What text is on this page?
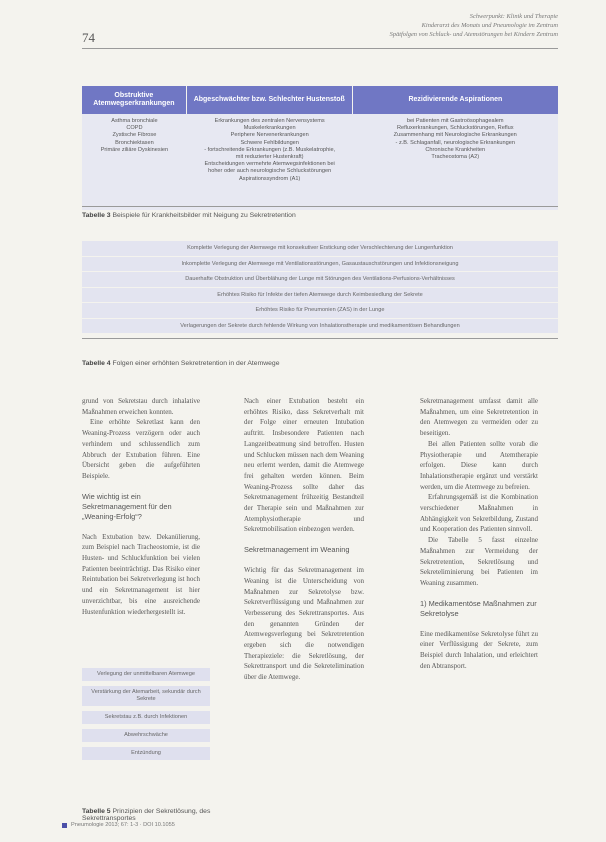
74
Schwerpunkt: Klinik und Therapie
Kinderarzt des Monats und Pneumologie im Zentrum
Spätfolgen von Schluck- und Atemstörungen bei Kindern Zentrum
Obstruktive Atemwegserkrankungen
Abgeschwächter bzw. Schlechter Hustenstoß	Rezidivierende Aspirationen
Asthma bronchiale
COPD
Zystische Fibrose
Bronchiektasen
Primäre ziliäre Dyskinesien
Erkrankungen des zentralen Nervensystems
Muskelerkrankungen
Periphere Nervenerkrankungen
Schwere Fehlbildungen
- fortschreitende Erkrankungen (z.B. Muskelatrophie,
mit reduzierter Hustenkraft)
Entscheidungen vermehrte Atemwegsinfektionen bei
hoher oder auch neurologische Schluckstörungen
Aspirationssyndrom (A1)
bei Patienten mit Gastroösophagealem
Refluxerkrankungen, Schluckstörungen, Reflux
Zusammenhang mit Neurologische Erkrankungen
- z.B. Schlaganfall, neurologische Erkrankungen
Chronische Krankheiten
Tracheostoma (A2)
Tabelle 3 Beispiele für Krankheitsbilder mit Neigung zu Sekretretention
Komplette Verlegung der Atemwege mit konsekutiver Erstickung oder Verschlechterung der Lungenfunktion
Inkomplette Verlegung der Atemwege mit Ventilationsstörungen, Gasaustauschstörungen und Infektionsneigung
Dauerhafte Obstruktion und Überblähung der Lunge mit Störungen des Ventilations-Perfusions-Verhältnisses
Erhöhtes Risiko für Infekte der tiefen Atemwege durch Keimbesiedlung der Sekrete
Erhöhtes Risiko für Pneumonien (ZAS) in der Lunge
Verlagerungen der Sekrete durch fehlende Wirkung von Inhalationstherapie und medikamentösen Behandlungen
Tabelle 4 Folgen einer erhöhten Sekretretention in der Atemwege

grund von Sekretstau durch inhalative Maßnahmen erweichen konnten.

Eine erhöhte Sekretlast kann den Weaning-Prozess verzögern oder auch verhindern und schlussendlich zum Abbruch der Extubation führen. Eine Übersicht geben die aufgeführten Beispiele.

Wie wichtig ist ein Sekretmanagement für den „Weaning-Erfolg“?

Nach Extubation bzw. Dekanülierung, zum Beispiel nach Tracheostomie, ist die Husten- und Schluckfunktion bei vielen Patienten beeinträchtigt. Das Risiko einer Reintubation bei Sekretverlegung ist hoch und ein Sekretmanagement ist hier unverzichtbar, bis eine ausreichende Hustenfunktion wiederhergestellt ist.

Verlegung der unmittelbaren Atemwege
Verstärkung der Atemarbeit, sekundär durch Sekrete
Sekretstau z.B. durch Infektionen
Abwehrschwäche
Entzündung
Tabelle 5 Prinzipien der Sekretlösung, des Sekrettransportes

Nach einer Extubation besteht ein erhöhtes Risiko, dass Sekretverhalt mit der Folge einer erneuten Intubation auftritt. Insbesondere Patienten nach Langzeitbeatmung sind betroffen. Husten und Schlucken müssen nach dem Weaning neu erlernt werden, damit die Atemwege frei gehalten werden können. Beim Weaning-Prozess sollte daher das Sekretmanagement frühzeitig Bestandteil der Therapie sein und Maßnahmen zur Atemphysiotherapie und Sekretmobilisation einbezogen werden.

Sekretmanagement im Weaning

Wichtig für das Sekretmanagement im Weaning ist die Unterscheidung von Maßnahmen zur Sekretolyse bzw. Sekretverflüssigung und Maßnahmen zur Verbesserung des Sekrettransportes. Aus den genannten Gründen der Atemwegsverlegung bei Sekretretention ergeben sich die notwendigen Therapieziele: die Sekretlösung, der Sekrettransport und die Sekretelimination über die Atemwege.

Sekretmanagement umfasst damit alle Maßnahmen, um eine Sekretretention in den Atemwegen zu vermeiden oder zu beseitigen.

Bei allen Patienten sollte vorab die Physiotherapie und Atemtherapie erfolgen. Diese kann durch Inhalationstherapie ergänzt und verstärkt werden, um die Atemwege zu befreien.

Erfahrungsgemäß ist die Kombination verschiedener Maßnahmen in Abhängigkeit von Sekretbildung, Zustand und Kooperation des Patienten sinnvoll.

Die Tabelle 5 fasst einzelne Maßnahmen zur Vermeidung der Sekretretention, Sekretlösung und Sekreteliminierung bei Patienten im Weaning zusammen.

1) Medikamentöse Maßnahmen zur Sekretolyse

Eine medikamentöse Sekretolyse führt zu einer Verflüssigung der Sekrete, zum Beispiel durch Inhalation, und erleichtert den Abtransport.

Pneumologie 2013; 67: 1-3 · DOI 10.1055
